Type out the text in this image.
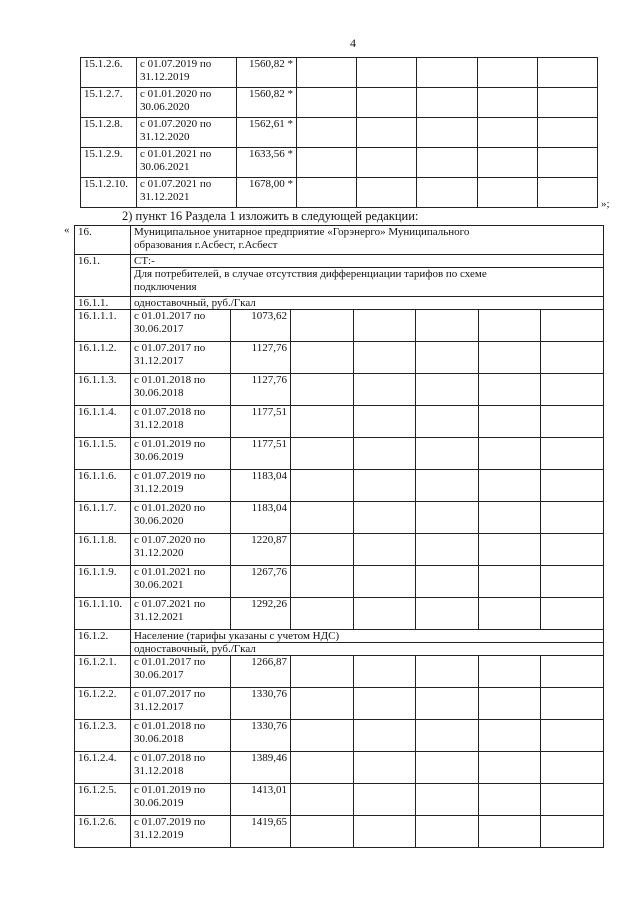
4
15.1.2.6.	с 01.07.2019 по
31.12.2019	1560,82 *					
15.1.2.7.	с 01.01.2020 по
30.06.2020	1560,82 *					
15.1.2.8.	с 01.07.2020 по
31.12.2020	1562,61 *					
15.1.2.9.	с 01.01.2021 по
30.06.2021	1633,56 *					
15.1.2.10.	с 01.07.2021 по
31.12.2021	1678,00 *					
»;
2) пункт 16 Раздела 1 изложить в следующей редакции:
« 16.	Муниципальное унитарное предприятие «Горэнерго» Муниципального
образования г.Асбест, г.Асбест						
16.1.	СТ:-						
	Для потребителей, в случае отсутствия дифференциации тарифов по схеме
подключения						
16.1.1.	одноставочный, руб./Гкал						
16.1.1.1.	с 01.01.2017 по
30.06.2017	1073,62					
16.1.1.2.	с 01.07.2017 по
31.12.2017	1127,76					
16.1.1.3.	с 01.01.2018 по
30.06.2018	1127,76					
16.1.1.4.	с 01.07.2018 по
31.12.2018	1177,51					
16.1.1.5.	с 01.01.2019 по
30.06.2019	1177,51					
16.1.1.6.	с 01.07.2019 по
31.12.2019	1183,04					
16.1.1.7.	с 01.01.2020 по
30.06.2020	1183,04					
16.1.1.8.	с 01.07.2020 по
31.12.2020	1220,87					
16.1.1.9.	с 01.01.2021 по
30.06.2021	1267,76					
16.1.1.10.	с 01.07.2021 по
31.12.2021	1292,26					
16.1.2.	Население (тарифы указаны с учетом НДС)						
	одноставочный, руб./Гкал						
16.1.2.1.	с 01.01.2017 по
30.06.2017	1266,87					
16.1.2.2.	с 01.07.2017 по
31.12.2017	1330,76					
16.1.2.3.	с 01.01.2018 по
30.06.2018	1330,76					
16.1.2.4.	с 01.07.2018 по
31.12.2018	1389,46					
16.1.2.5.	с 01.01.2019 по
30.06.2019	1413,01					
16.1.2.6.	с 01.07.2019 по
31.12.2019	1419,65					
